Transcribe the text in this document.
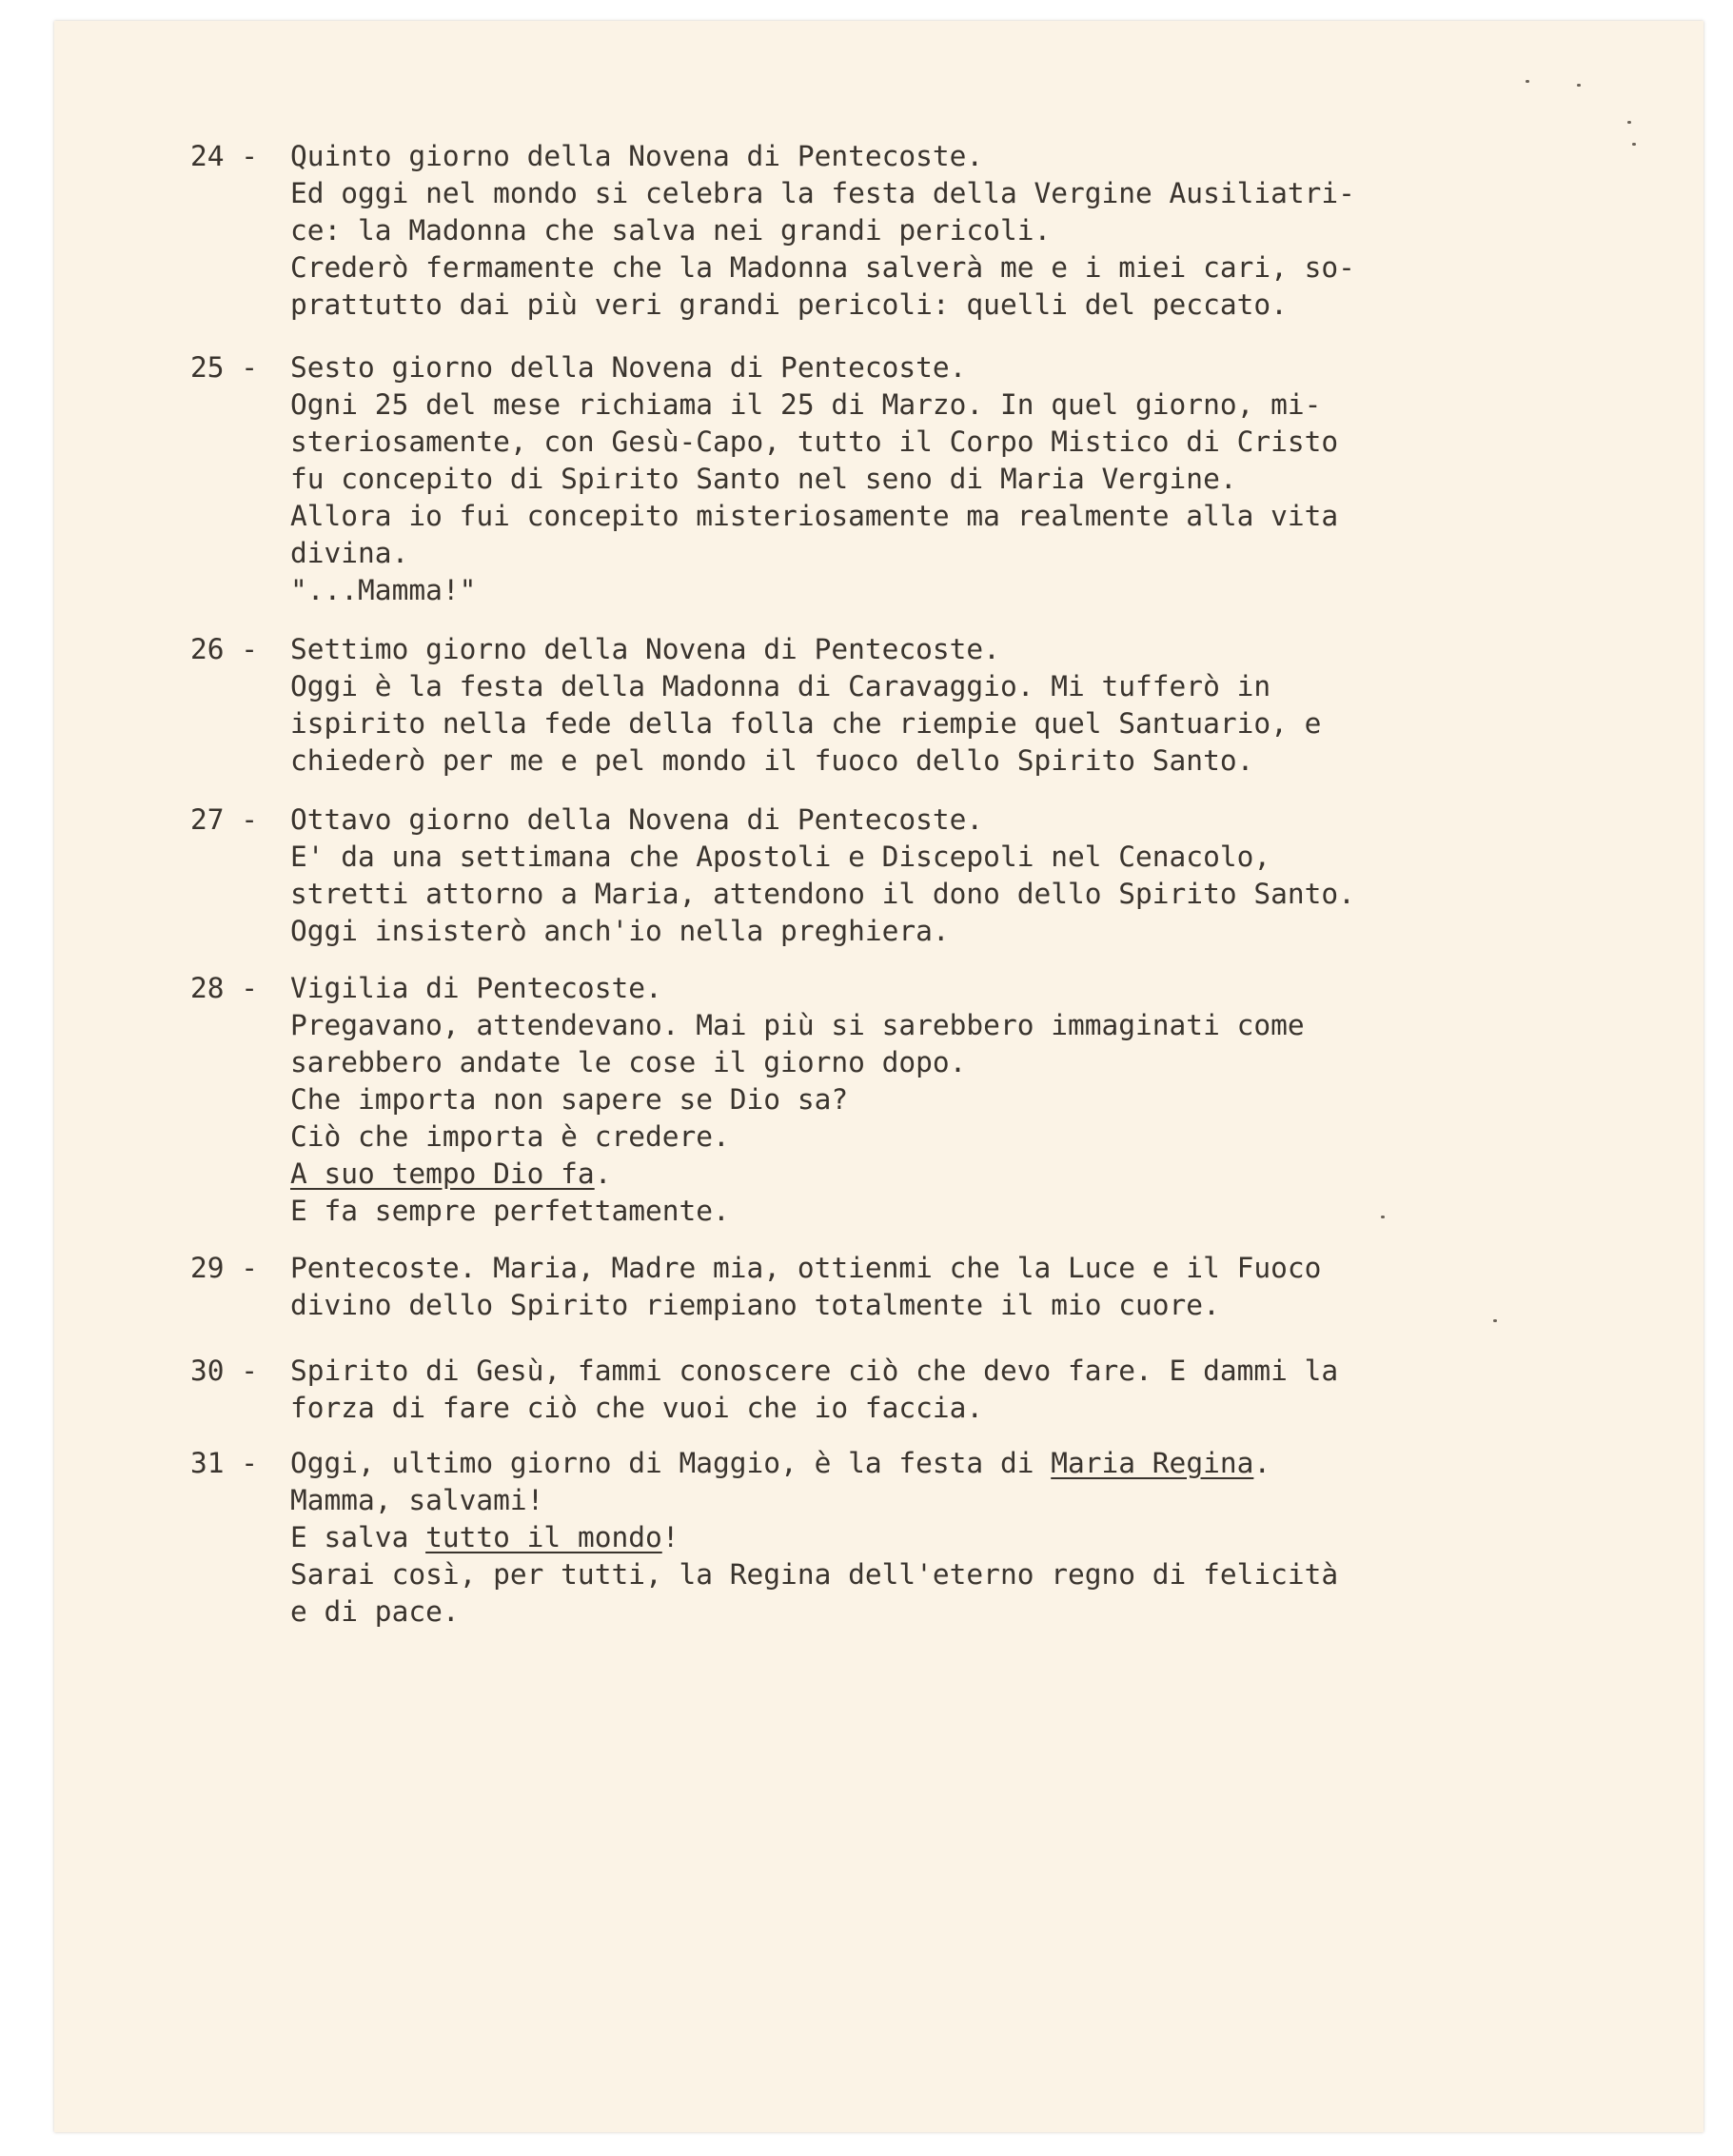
24 - Quinto giorno della Novena di Pentecoste.
Ed oggi nel mondo si celebra la festa della Vergine Ausiliatri-
ce: la Madonna che salva nei grandi pericoli.
Crederò fermamente che la Madonna salverà me e i miei cari, so-
prattutto dai più veri grandi pericoli: quelli del peccato.
25 - Sesto giorno della Novena di Pentecoste.
Ogni 25 del mese richiama il 25 di Marzo. In quel giorno, mi-
steriosamente, con Gesù-Capo, tutto il Corpo Mistico di Cristo
fu concepito di Spirito Santo nel seno di Maria Vergine.
Allora io fui concepito misteriosamente ma realmente alla vita
divina.
"...Mamma!"
26 - Settimo giorno della Novena di Pentecoste.
Oggi è la festa della Madonna di Caravaggio. Mi tufferò in
ispirito nella fede della folla che riempie quel Santuario, e
chiederò per me e pel mondo il fuoco dello Spirito Santo.
27 - Ottavo giorno della Novena di Pentecoste.
E' da una settimana che Apostoli e Discepoli nel Cenacolo,
stretti attorno a Maria, attendono il dono dello Spirito Santo.
Oggi insisterò anch'io nella preghiera.
28 - Vigilia di Pentecoste.
Pregavano, attendevano. Mai più si sarebbero immaginati come
sarebbero andate le cose il giorno dopo.
Che importa non sapere se Dio sa?
Ciò che importa è credere.
A suo tempo Dio fa.
E fa sempre perfettamente.
29 - Pentecoste. Maria, Madre mia, ottienmi che la Luce e il Fuoco
divino dello Spirito riempiano totalmente il mio cuore.
30 - Spirito di Gesù, fammi conoscere ciò che devo fare. E dammi la
forza di fare ciò che vuoi che io faccia.
31 - Oggi, ultimo giorno di Maggio, è la festa di Maria Regina.
Mamma, salvami!
E salva tutto il mondo!
Sarai così, per tutti, la Regina dell'eterno regno di felicità
e di pace.
